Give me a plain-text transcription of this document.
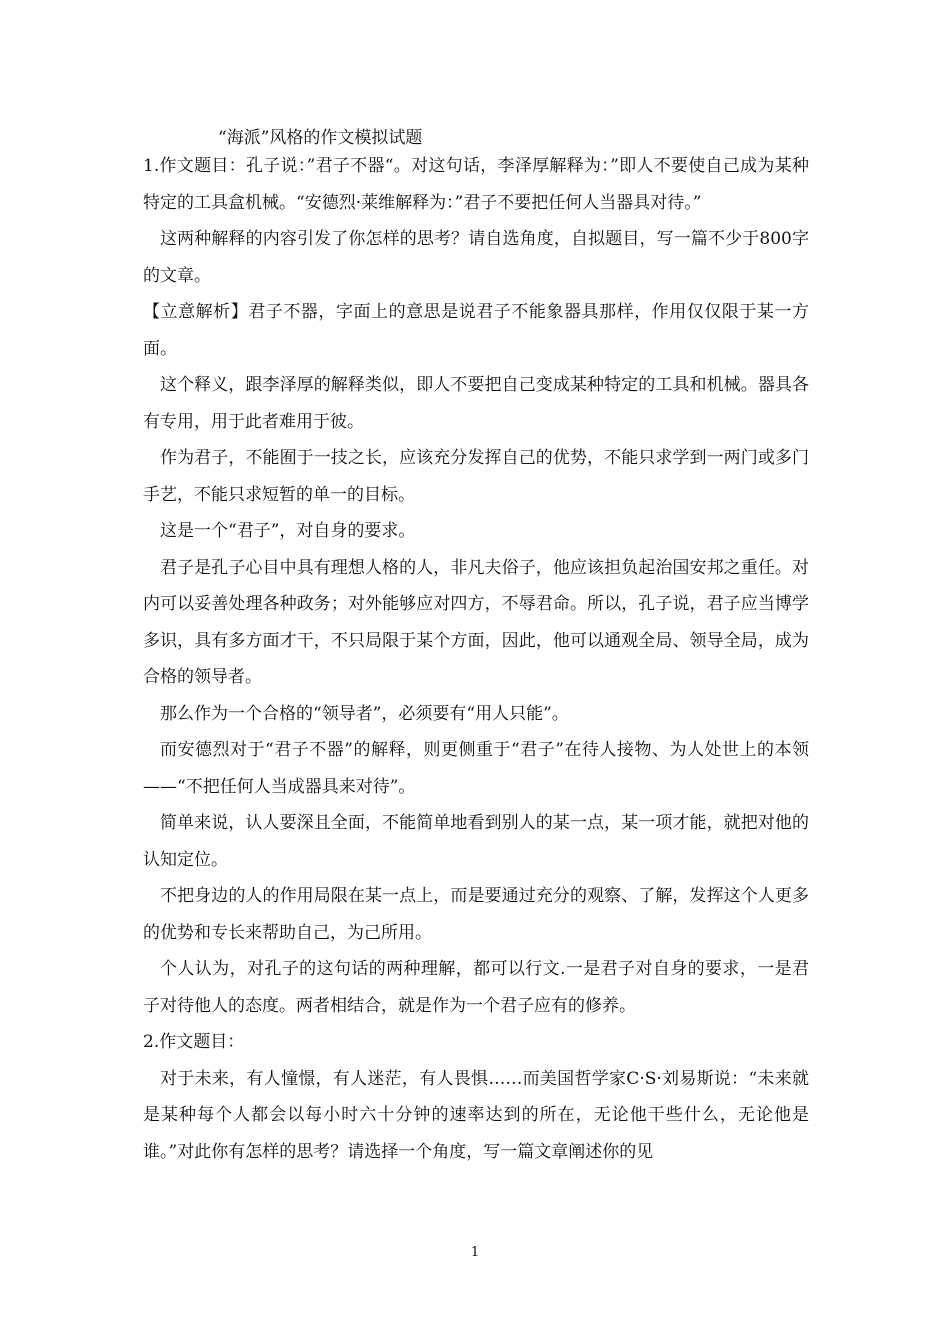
“海派”风格的作文模拟试题

1.作文题目：孔子说：”君子不器“。对这句话，李泽厚解释为：”即人不要使自己成为某种特定的工具盒机械。“安德烈·莱维解释为：”君子不要把任何人当器具对待。”

这两种解释的内容引发了你怎样的思考？请自选角度，自拟题目，写一篇不少于800字的文章。

【立意解析】君子不器，字面上的意思是说君子不能象器具那样，作用仅仅限于某一方面。

这个释义，跟李泽厚的解释类似，即人不要把自己变成某种特定的工具和机械。器具各有专用，用于此者难用于彼。

作为君子，不能囿于一技之长，应该充分发挥自己的优势，不能只求学到一两门或多门手艺，不能只求短暂的单一的目标。

这是一个“君子”，对自身的要求。

君子是孔子心目中具有理想人格的人，非凡夫俗子，他应该担负起治国安邦之重任。对内可以妥善处理各种政务；对外能够应对四方，不辱君命。所以，孔子说，君子应当博学多识，具有多方面才干，不只局限于某个方面，因此，他可以通观全局、领导全局，成为合格的领导者。

那么作为一个合格的“领导者”，必须要有“用人只能”。

而安德烈对于“君子不器”的解释，则更侧重于“君子”在待人接物、为人处世上的本领——“不把任何人当成器具来对待”。

简单来说，认人要深且全面，不能简单地看到别人的某一点，某一项才能，就把对他的认知定位。

不把身边的人的作用局限在某一点上，而是要通过充分的观察、了解，发挥这个人更多的优势和专长来帮助自己，为己所用。

个人认为，对孔子的这句话的两种理解，都可以行文.一是君子对自身的要求，一是君子对待他人的态度。两者相结合，就是作为一个君子应有的修养。

2.作文题目：

对于未来，有人憧憬，有人迷茫，有人畏惧……而美国哲学家C·S·刘易斯说：“未来就是某种每个人都会以每小时六十分钟的速率达到的所在，无论他干些什么，无论他是谁。”对此你有怎样的思考？请选择一个角度，写一篇文章阐述你的见

1
